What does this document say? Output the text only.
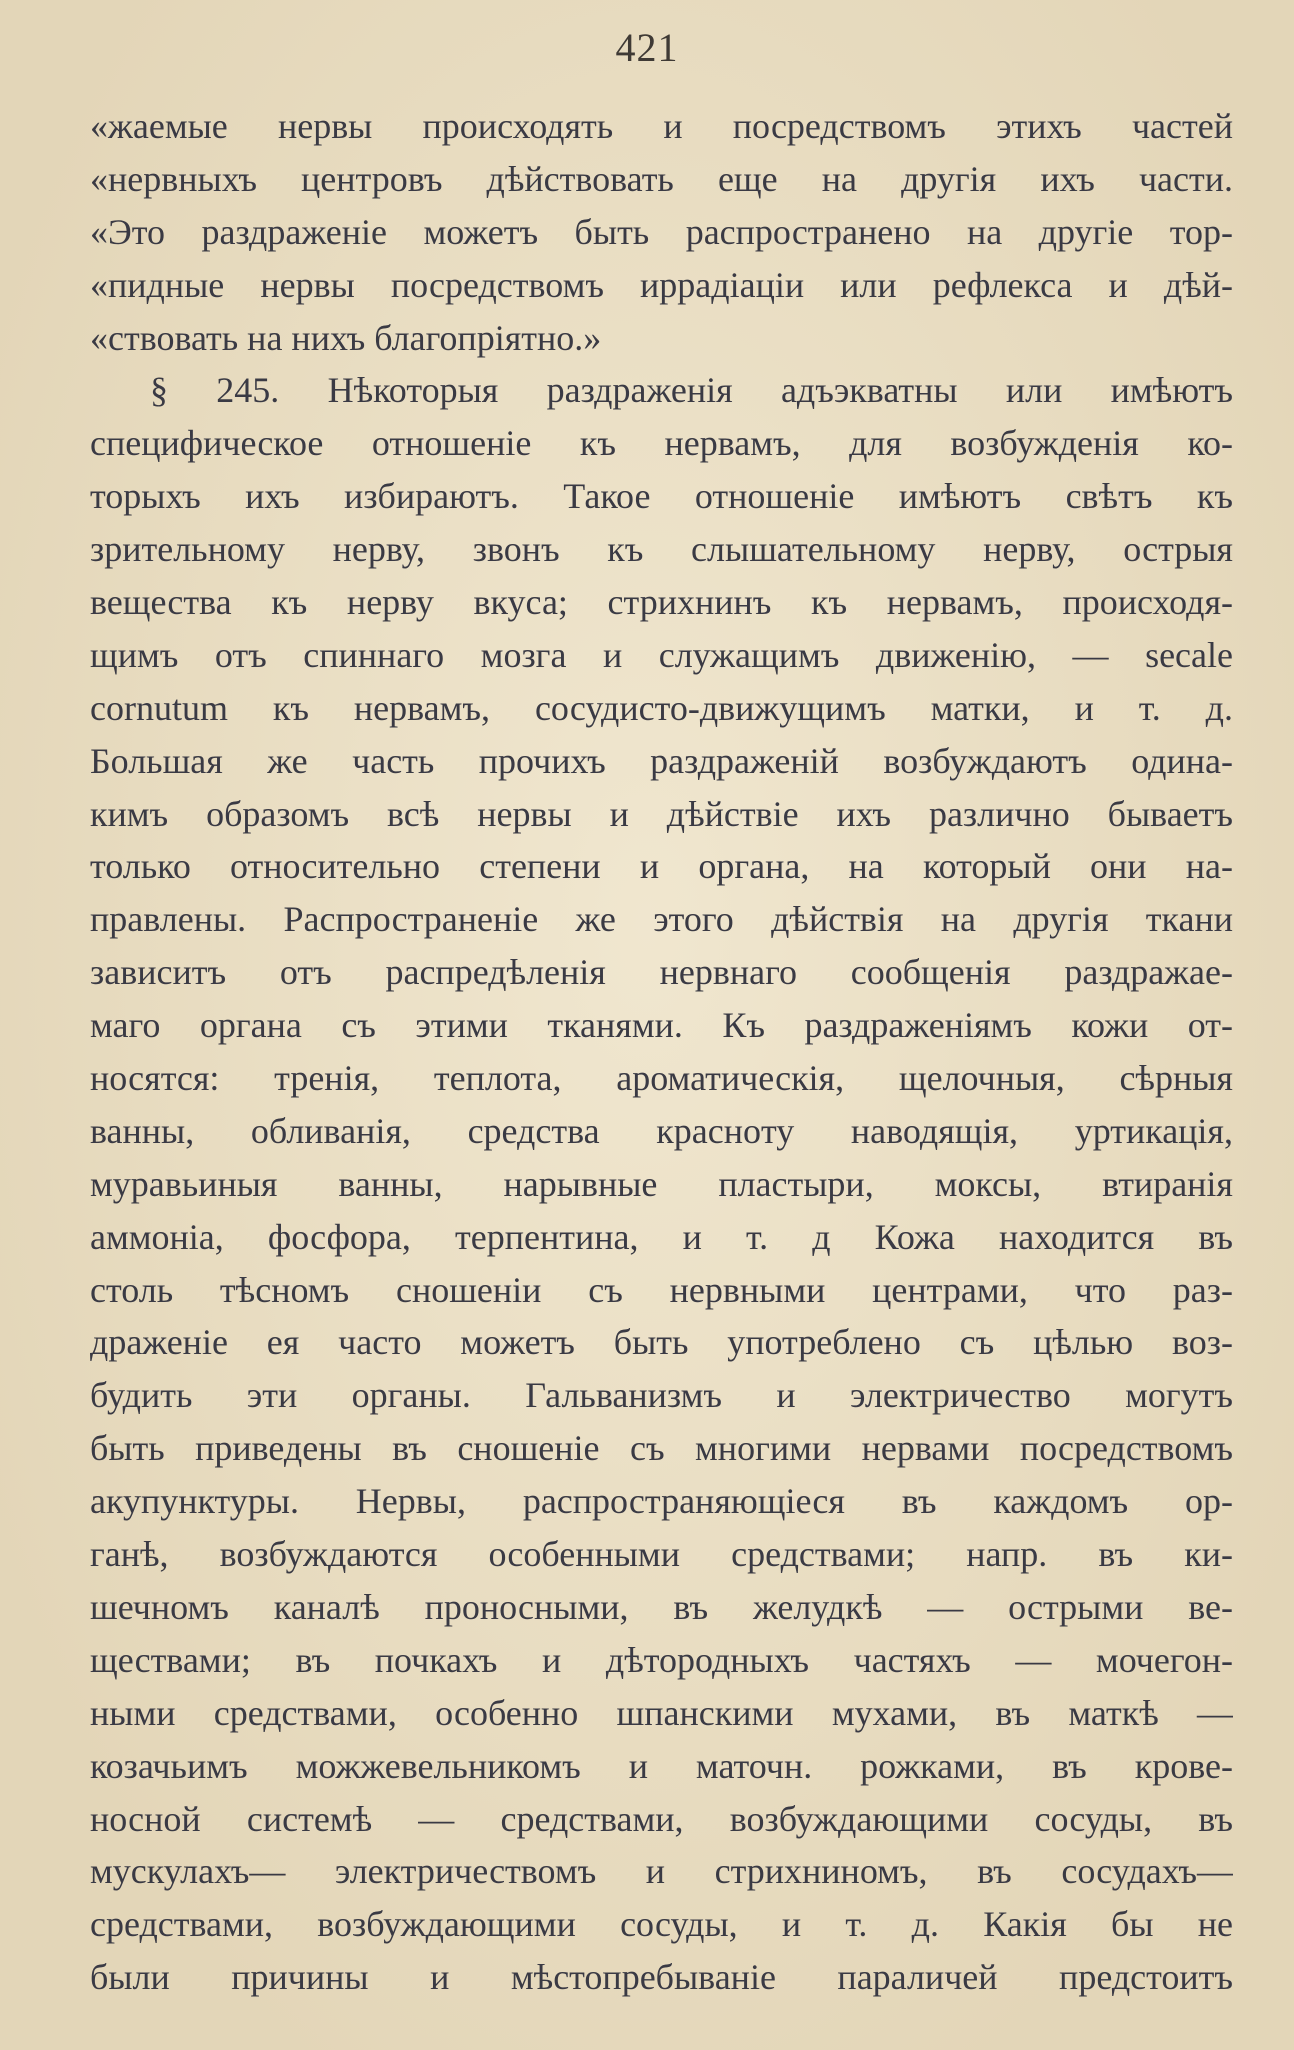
421
«жаемые нервы происходять и посредствомъ этихъ частей
«нервныхъ центровъ дѣйствовать еще на другія ихъ части.
«Это раздраженіе можетъ быть распространено на другіе тор-
«пидные нервы посредствомъ иррадіаціи или рефлекса и дѣй-
«ствовать на нихъ благопріятно.»
§ 245. Нѣкоторыя раздраженія адъэкватны или имѣютъ
специфическое отношеніе къ нервамъ, для возбужденія ко-
торыхъ ихъ избираютъ. Такое отношеніе имѣютъ свѣтъ къ
зрительному нерву, звонъ къ слышательному нерву, острыя
вещества къ нерву вкуса; стрихнинъ къ нервамъ, происходя-
щимъ отъ спиннаго мозга и служащимъ движенію, — secale
cornutum къ нервамъ, сосудисто-движущимъ матки, и т. д.
Большая же часть прочихъ раздраженій возбуждаютъ одина-
кимъ образомъ всѣ нервы и дѣйствіе ихъ различно бываетъ
только относительно степени и органа, на который они на-
правлены. Распространеніе же этого дѣйствія на другія ткани
зависитъ отъ распредѣленія нервнаго сообщенія раздражае-
маго органа съ этими тканями. Къ раздраженіямъ кожи от-
носятся: тренія, теплота, ароматическія, щелочныя, сѣрныя
ванны, обливанія, средства краснoту наводящія, уртикація,
муравьиныя ванны, нарывные пластыри, моксы, втиранія
аммоніа, фосфора, терпентина, и т. д Кожа находится въ
столь тѣсномъ сношеніи съ нервными центрами, что раз-
драженіе ея часто можетъ быть употреблено съ цѣлью воз-
будить эти органы. Гальванизмъ и электричество могутъ
быть приведены въ сношеніе съ многими нервами посредствомъ
акупунктуры. Нервы, распространяющіеся въ каждомъ ор-
ганѣ, возбуждаются особенными средствами; напр. въ ки-
шечномъ каналѣ проносными, въ желудкѣ — острыми ве-
ществами; въ почкахъ и дѣтородныхъ частяхъ — мочегон-
ными средствами, особенно шпанскими мухами, въ маткѣ —
козачьимъ можжевельникомъ и маточн. рожками, въ крове-
носной системѣ — средствами, возбуждающими сосуды, въ
мускулахъ— электричествомъ и стрихниномъ, въ сосудахъ—
средствами, возбуждающими сосуды, и т. д. Какія бы не
были причины и мѣстопребываніе параличей предстоитъ
